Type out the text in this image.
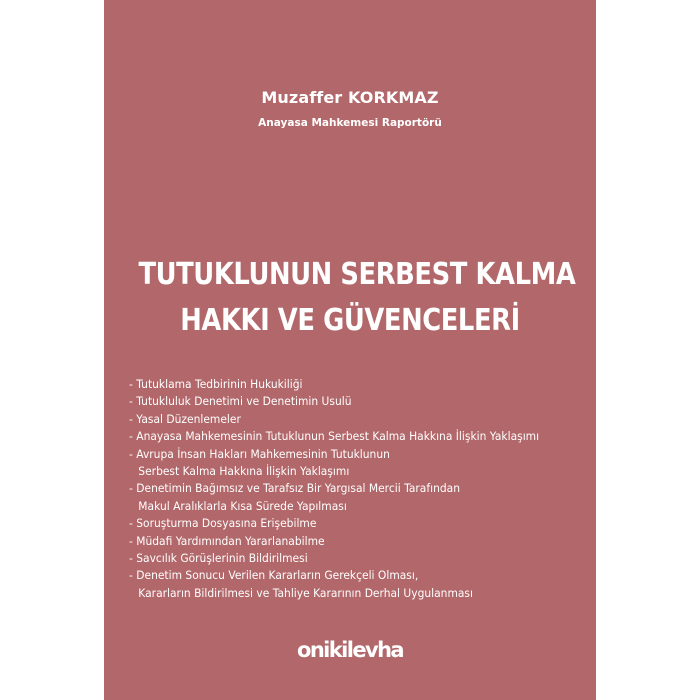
Muzaffer KORKMAZ
Anayasa Mahkemesi Raportörü
TUTUKLUNUN SERBEST KALMA
HAKKI VE GÜVENCELERİ
- Tutuklama Tedbirinin Hukukiliği
- Tutukluluk Denetimi ve Denetimin Usulü
- Yasal Düzenlemeler
- Anayasa Mahkemesinin Tutuklunun Serbest Kalma Hakkına İlişkin Yaklaşımı
- Avrupa İnsan Hakları Mahkemesinin Tutuklunun
Serbest Kalma Hakkına İlişkin Yaklaşımı
- Denetimin Bağımsız ve Tarafsız Bir Yargısal Mercii Tarafından
Makul Aralıklarla Kısa Sürede Yapılması
- Soruşturma Dosyasına Erişebilme
- Müdafi Yardımından Yararlanabilme
- Savcılık Görüşlerinin Bildirilmesi
- Denetim Sonucu Verilen Kararların Gerekçeli Olması,
Kararların Bildirilmesi ve Tahliye Kararının Derhal Uygulanması
onikilevha
